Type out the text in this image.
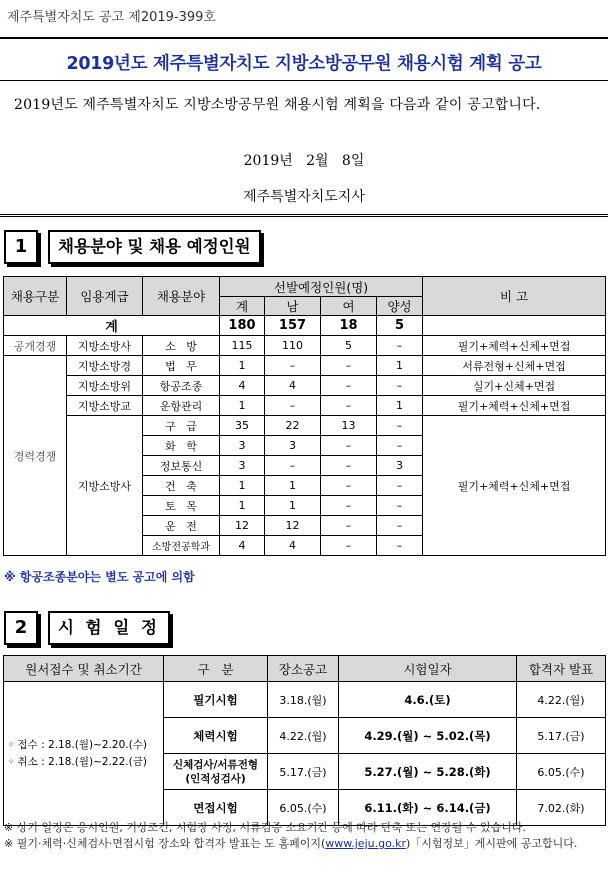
제주특별자치도 공고 제2019-399호
2019년도 제주특별자치도 지방소방공무원 채용시험 계획 공고
2019년도 제주특별자치도 지방소방공무원 채용시험 계획을 다음과 같이 공고합니다.
2019년   2월   8일
제주특별자치도지사
1	채용분야 및 채용 예정인원
채용구분	임용계급	채용분야	선발예정인원(명)				비 고
			계	남	여	양성	
계			180	157	18	5	
공개경쟁	지방소방사	소   방	115	110	5	–	필기+체력+신체+면접
경력경쟁	지방소방경	법   무	1	–	–	1	서류전형+신체+면접
	지방소방위	항공조종	4	4	–	–	실기+신체+면접
	지방소방교	운항관리	1	–	–	1	필기+체력+신체+면접
	지방소방사	구   급	35	22	13	–	필기+체력+신체+면접
		화   학	3	3	–	–	
		정보통신	3	–	–	3	
		건   축	1	1	–	–	
		토   목	1	1	–	–	
		운   전	12	12	–	–	
		소방전공학과	4	4	–	–	
※ 항공조종분야는 별도 공고에 의함
2	시 험 일 정
원서접수 및 취소기간	구   분	장소공고	시험일자	합격자 발표

◦ 접수 : 2.18.(월)~2.20.(수)
◦ 취소 : 2.18.(월)~2.22.(금)	필기시험	3.18.(월)	4.6.(토)	4.22.(월)
	체력시험	4.22.(월)	4.29.(월) ~ 5.02.(목)	5.17.(금)

	신체검사/서류전형
(인적성검사)	5.17.(금)	5.27.(월) ~ 5.28.(화)	6.05.(수)
	면접시험	6.05.(수)	6.11.(화) ~ 6.14.(금)	7.02.(화)
※ 상기 일정은 응시인원, 기상조건, 시험장 사정, 서류검증 소요기간 등에 따라 단축 또는 연장될 수 있습니다.
※ 필기·체력·신체검사·면접시험 장소와 합격자 발표는 도 홈페이지(www.jeju.go.kr)「시험정보」게시판에 공고합니다.
